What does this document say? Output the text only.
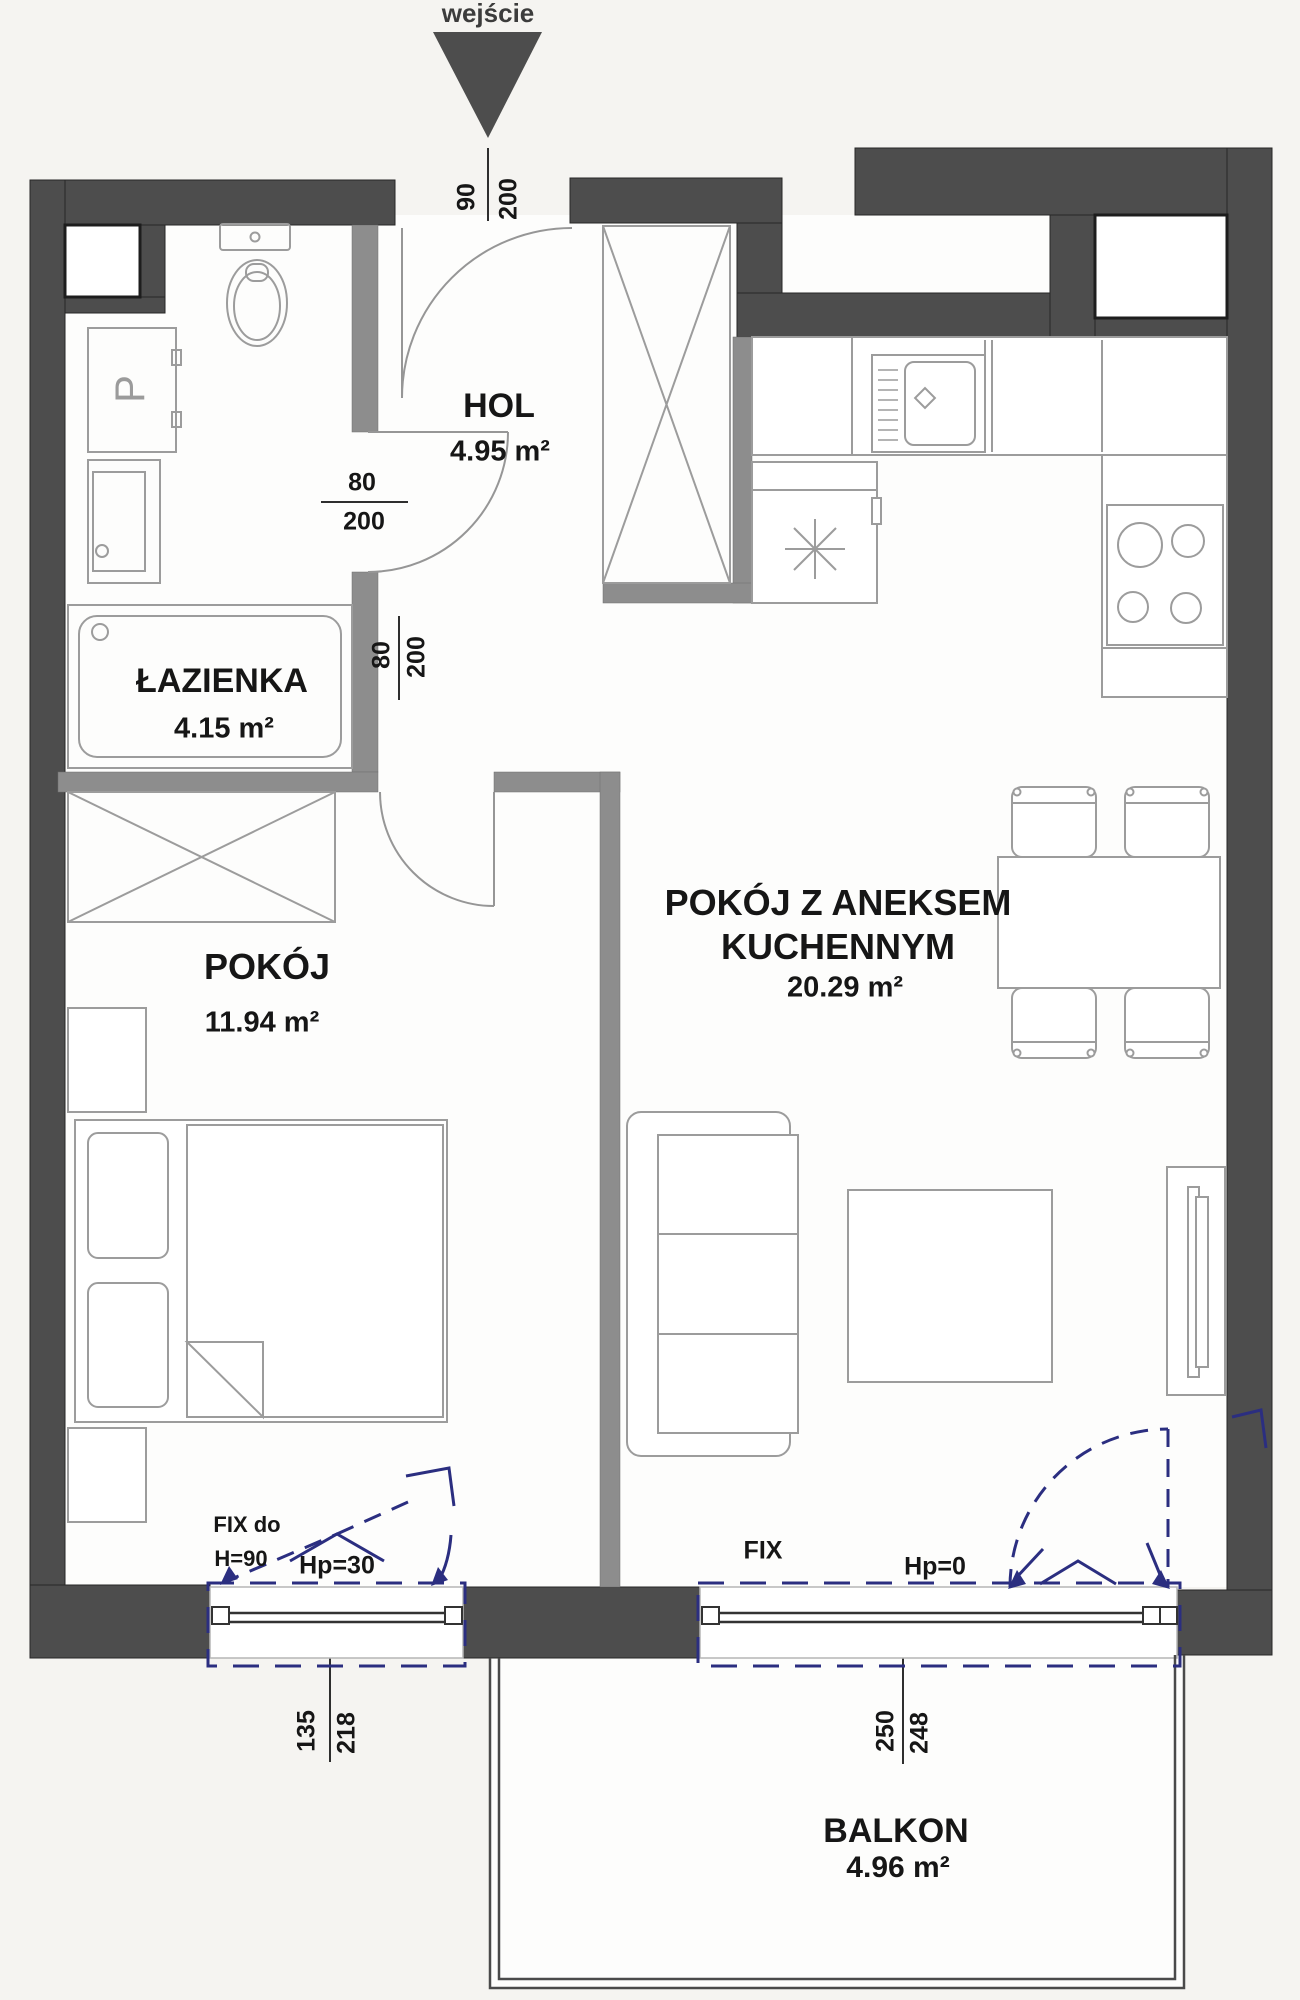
wejście
90 200
HOL
4.95 m²
ŁAZIENKA
4.15 m²
80
200
POKÓJ
11.94 m²
80 200
POKÓJ Z ANEKSEM
KUCHENNYM
20.29 m²
BALKON
4.96 m²
FIX do
H=90 Hp=30
FIX
Hp=0
135 218	250 248
P
